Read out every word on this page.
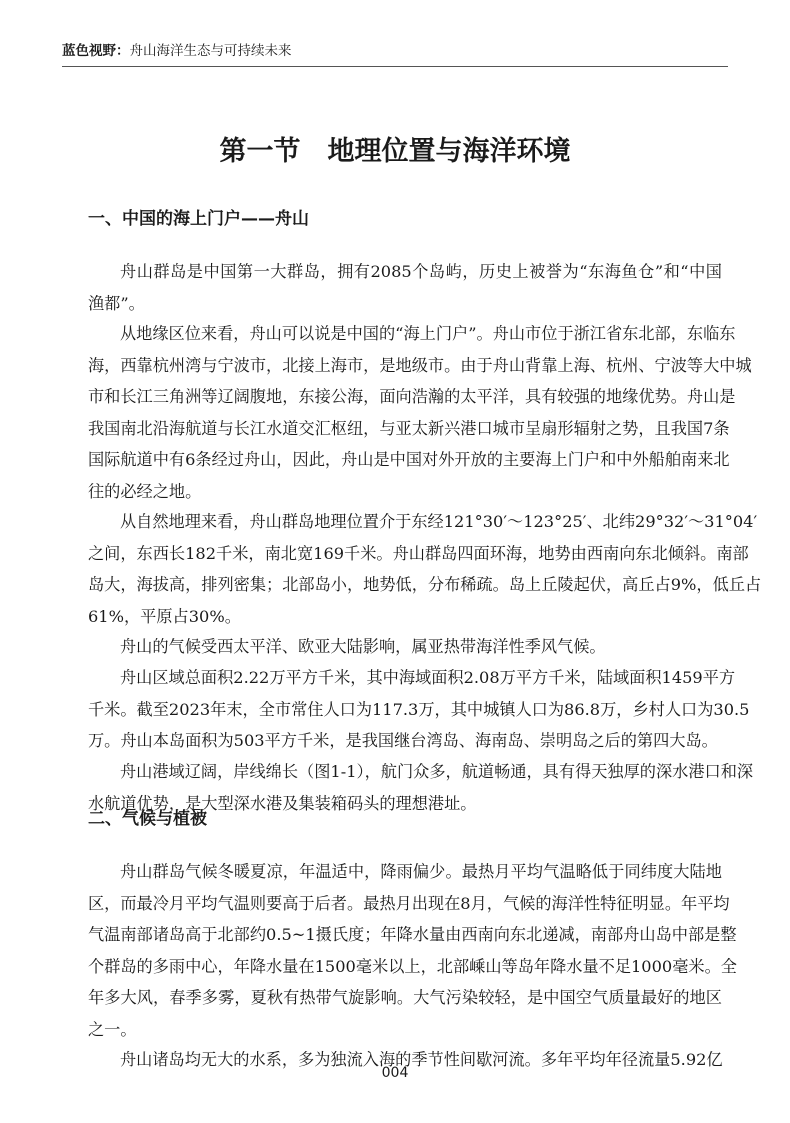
蓝色视野：舟山海洋生态与可持续未来
第一节　地理位置与海洋环境
一、中国的海上门户——舟山
舟山群岛是中国第一大群岛，拥有2085个岛屿，历史上被誉为“东海鱼仓”和“中国
渔都”。
从地缘区位来看，舟山可以说是中国的“海上门户”。舟山市位于浙江省东北部，东临东
海，西靠杭州湾与宁波市，北接上海市，是地级市。由于舟山背靠上海、杭州、宁波等大中城
市和长江三角洲等辽阔腹地，东接公海，面向浩瀚的太平洋，具有较强的地缘优势。舟山是
我国南北沿海航道与长江水道交汇枢纽，与亚太新兴港口城市呈扇形辐射之势，且我国7条
国际航道中有6条经过舟山，因此，舟山是中国对外开放的主要海上门户和中外船舶南来北
往的必经之地。
从自然地理来看，舟山群岛地理位置介于东经121°30′～123°25′、北纬29°32′～31°04′
之间，东西长182千米，南北宽169千米。舟山群岛四面环海，地势由西南向东北倾斜。南部
岛大，海拔高，排列密集；北部岛小，地势低，分布稀疏。岛上丘陵起伏，高丘占9%，低丘占
61%，平原占30%。
舟山的气候受西太平洋、欧亚大陆影响，属亚热带海洋性季风气候。
舟山区域总面积2.22万平方千米，其中海域面积2.08万平方千米，陆域面积1459平方
千米。截至2023年末，全市常住人口为117.3万，其中城镇人口为86.8万，乡村人口为30.5
万。舟山本岛面积为503平方千米，是我国继台湾岛、海南岛、崇明岛之后的第四大岛。
舟山港域辽阔，岸线绵长（图1-1），航门众多，航道畅通，具有得天独厚的深水港口和深
水航道优势，是大型深水港及集装箱码头的理想港址。
二、气候与植被
舟山群岛气候冬暖夏凉，年温适中，降雨偏少。最热月平均气温略低于同纬度大陆地
区，而最冷月平均气温则要高于后者。最热月出现在8月，气候的海洋性特征明显。年平均
气温南部诸岛高于北部约0.5~1摄氏度；年降水量由西南向东北递减，南部舟山岛中部是整
个群岛的多雨中心，年降水量在1500毫米以上，北部嵊山等岛年降水量不足1000毫米。全
年多大风，春季多雾，夏秋有热带气旋影响。大气污染较轻，是中国空气质量最好的地区
之一。
舟山诸岛均无大的水系，多为独流入海的季节性间歇河流。多年平均年径流量5.92亿
004
